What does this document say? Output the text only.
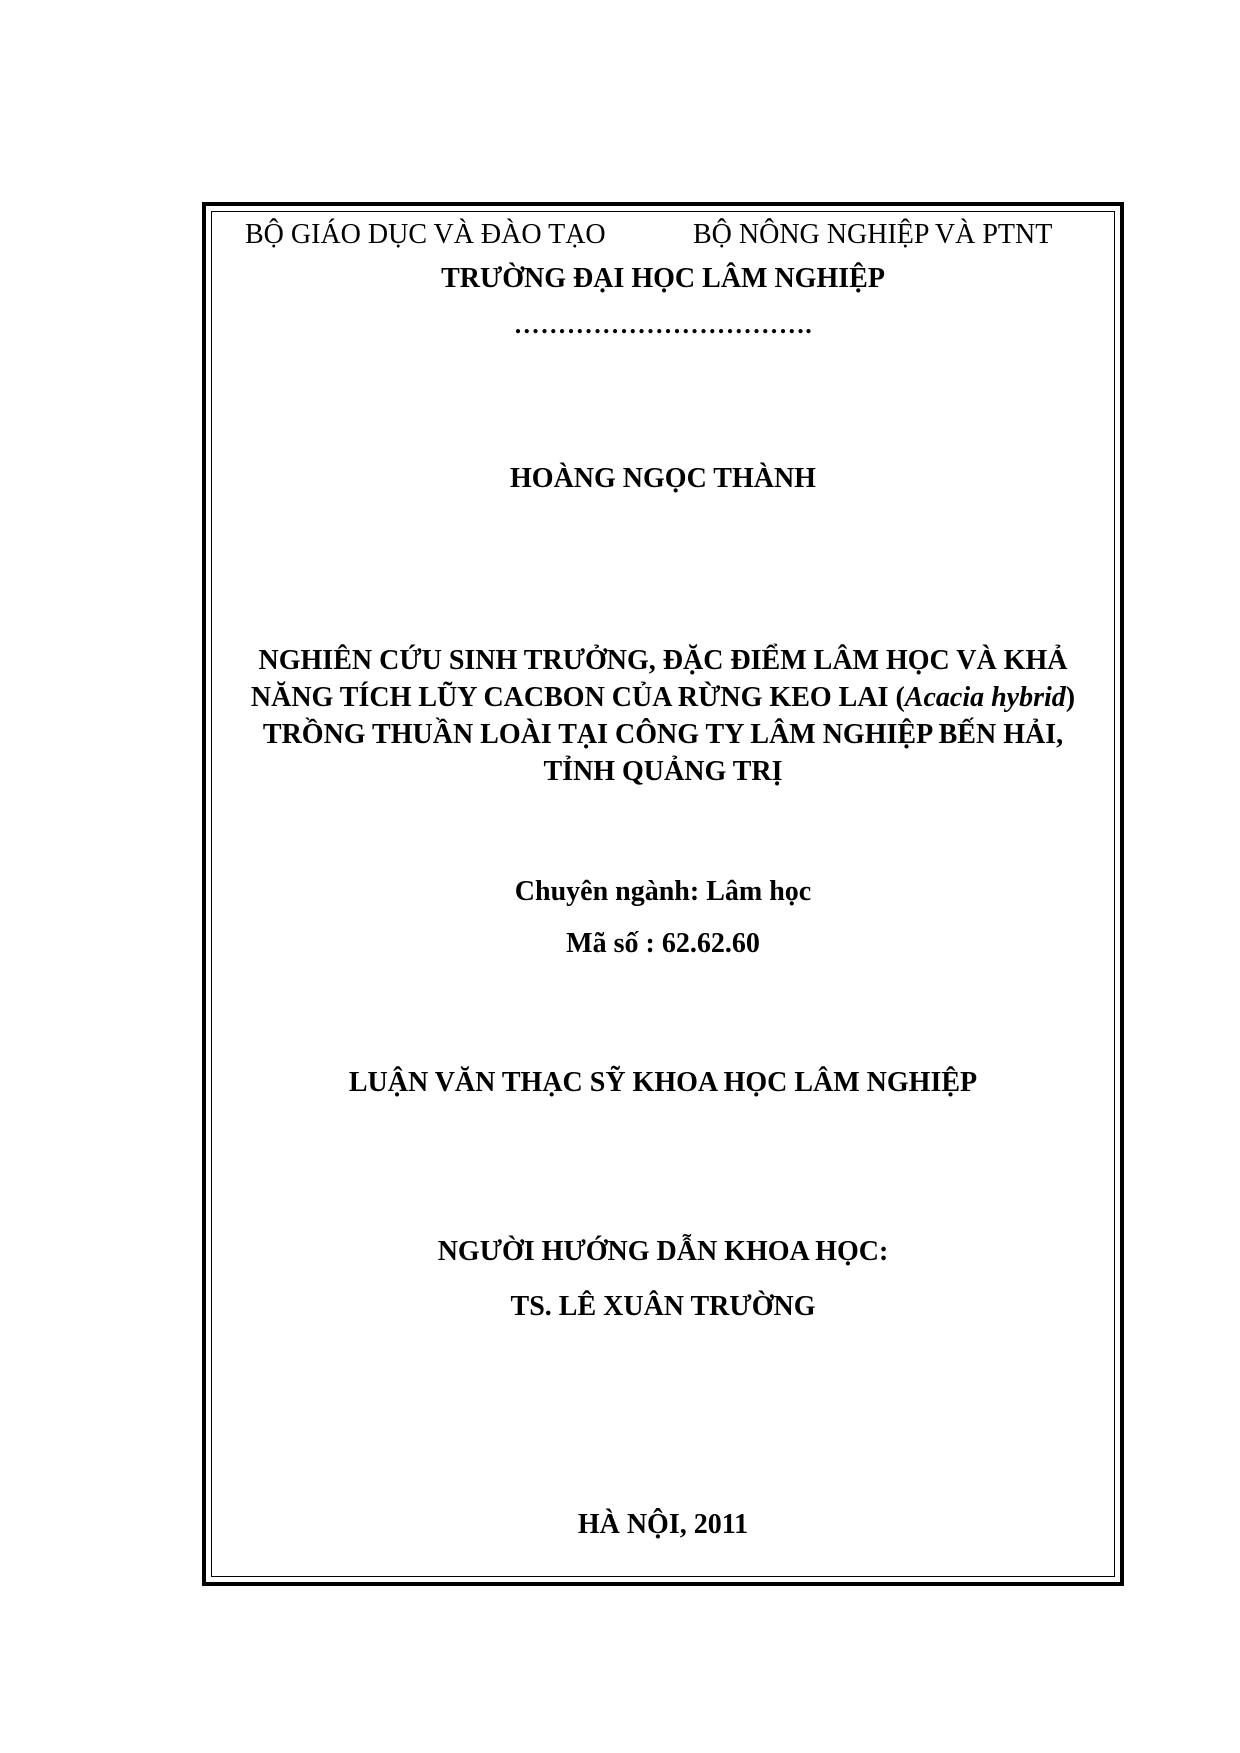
BỘ GIÁO DỤC VÀ ĐÀO TẠO	BỘ NÔNG NGHIỆP VÀ PTNT
TRƯỜNG ĐẠI HỌC LÂM NGHIỆP
…………………………….
HOÀNG NGỌC THÀNH
NGHIÊN CỨU SINH TRƯỞNG, ĐẶC ĐIỂM LÂM HỌC VÀ KHẢ
NĂNG TÍCH LŨY CACBON CỦA RỪNG KEO LAI (Acacia hybrid)
TRỒNG THUẦN LOÀI TẠI CÔNG TY LÂM NGHIỆP BẾN HẢI,
TỈNH QUẢNG TRỊ
Chuyên ngành: Lâm học
Mã số : 62.62.60
LUẬN VĂN THẠC SỸ KHOA HỌC LÂM NGHIỆP
NGƯỜI HƯỚNG DẪN KHOA HỌC:
TS. LÊ XUÂN TRƯỜNG
HÀ NỘI, 2011
